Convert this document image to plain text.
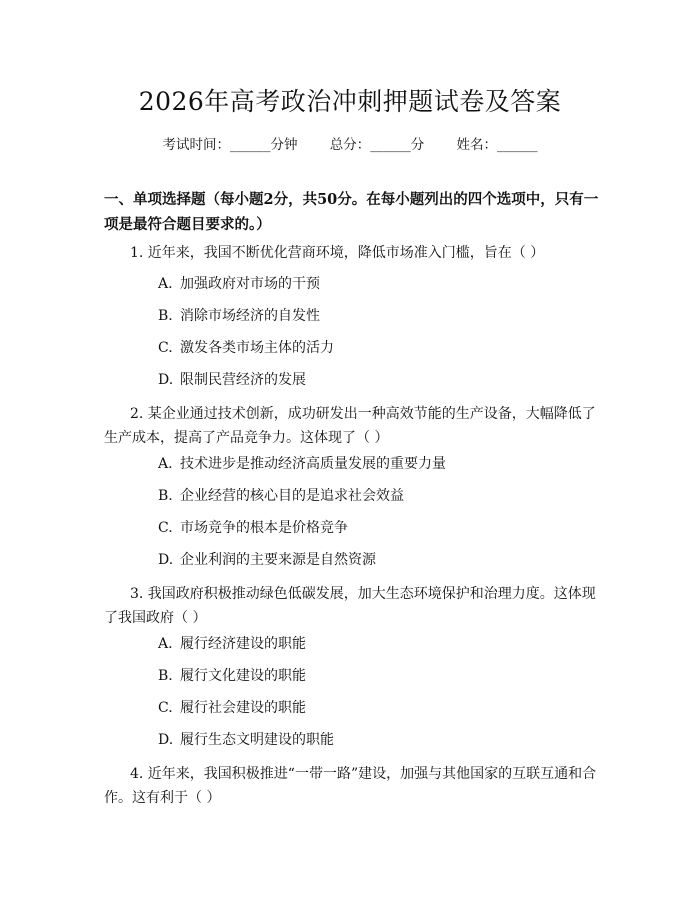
2026年高考政治冲刺押题试卷及答案
考试时间：______分钟 总分：______分 姓名：______
一、单项选择题（每小题2分，共50分。在每小题列出的四个选项中，只有一项是最符合题目要求的。）
1. 近年来，我国不断优化营商环境，降低市场准入门槛，旨在（ ）
A. 加强政府对市场的干预
B. 消除市场经济的自发性
C. 激发各类市场主体的活力
D. 限制民营经济的发展
2. 某企业通过技术创新，成功研发出一种高效节能的生产设备，大幅降低了生产成本，提高了产品竞争力。这体现了（ ）
A. 技术进步是推动经济高质量发展的重要力量
B. 企业经营的核心目的是追求社会效益
C. 市场竞争的根本是价格竞争
D. 企业利润的主要来源是自然资源
3. 我国政府积极推动绿色低碳发展，加大生态环境保护和治理力度。这体现了我国政府（ ）
A. 履行经济建设的职能
B. 履行文化建设的职能
C. 履行社会建设的职能
D. 履行生态文明建设的职能
4. 近年来，我国积极推进“一带一路”建设，加强与其他国家的互联互通和合作。这有利于（ ）
